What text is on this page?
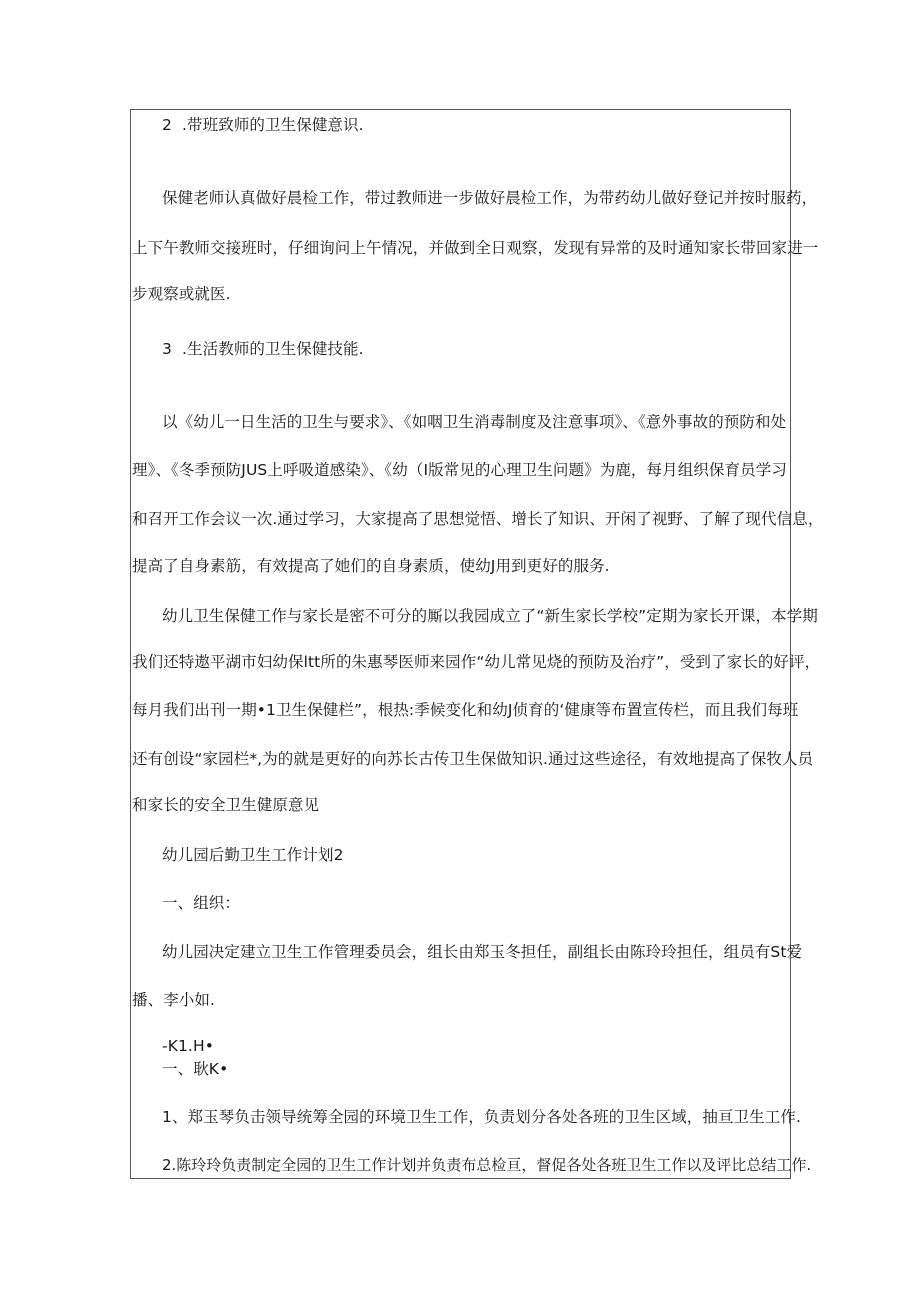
2 .带班致师的卫生保健意识.
保健老师认真做好晨检工作，带过教师进一步做好晨检工作，为带药幼儿做好登记并按时服药，
上下午教师交接班时，仔细询问上午情况，并做到全日观察，发现有异常的及时通知家长带回家进一
步观察或就医.
3 .生活教师的卫生保健技能.
以《幼儿一日生活的卫生与要求》、《如咽卫生消毒制度及注意事项》、《意外事故的预防和处
理》、《冬季预防JUS上呼吸道感染》、《幼（I版常见的心理卫生问题》为鹿，每月组织保育员学习
和召开工作会议一次.通过学习，大家提高了思想觉悟、增长了知识、开闲了视野、了解了现代信息，
提高了自身素筋，有效提高了她们的自身素质，使幼J用到更好的服务.
幼儿卫生保健工作与家长是密不可分的厮以我园成立了“新生家长学校”定期为家长开课，本学期
我们还特遨平湖市妇幼保ltt所的朱惠琴医师来园作“幼儿常见烧的预防及治疗”，受到了家长的好评，
每月我们出刊一期•1卫生保健栏”，根热:季候变化和幼J侦育的‘健康等布置宣传栏，而且我们每班
还有创设“家园栏*,为的就是更好的向苏长古传卫生保做知识.通过这些途径，有效地提高了保牧人员
和家长的安全卫生健原意见
幼儿园后勤卫生工作计划2
一、组织：
幼儿园决定建立卫生工作管理委员会，组长由郑玉冬担任，副组长由陈玲玲担任，组员有St爱
播、李小如.
-K1.H•
一、耿K•
1、郑玉琴负击领导统筹全园的环境卫生工作，负责划分各处各班的卫生区域，抽亘卫生工作.
2.陈玲玲负责制定全园的卫生工作计划并负责布总检亘，督促各处各班卫生工作以及评比总结工作.
